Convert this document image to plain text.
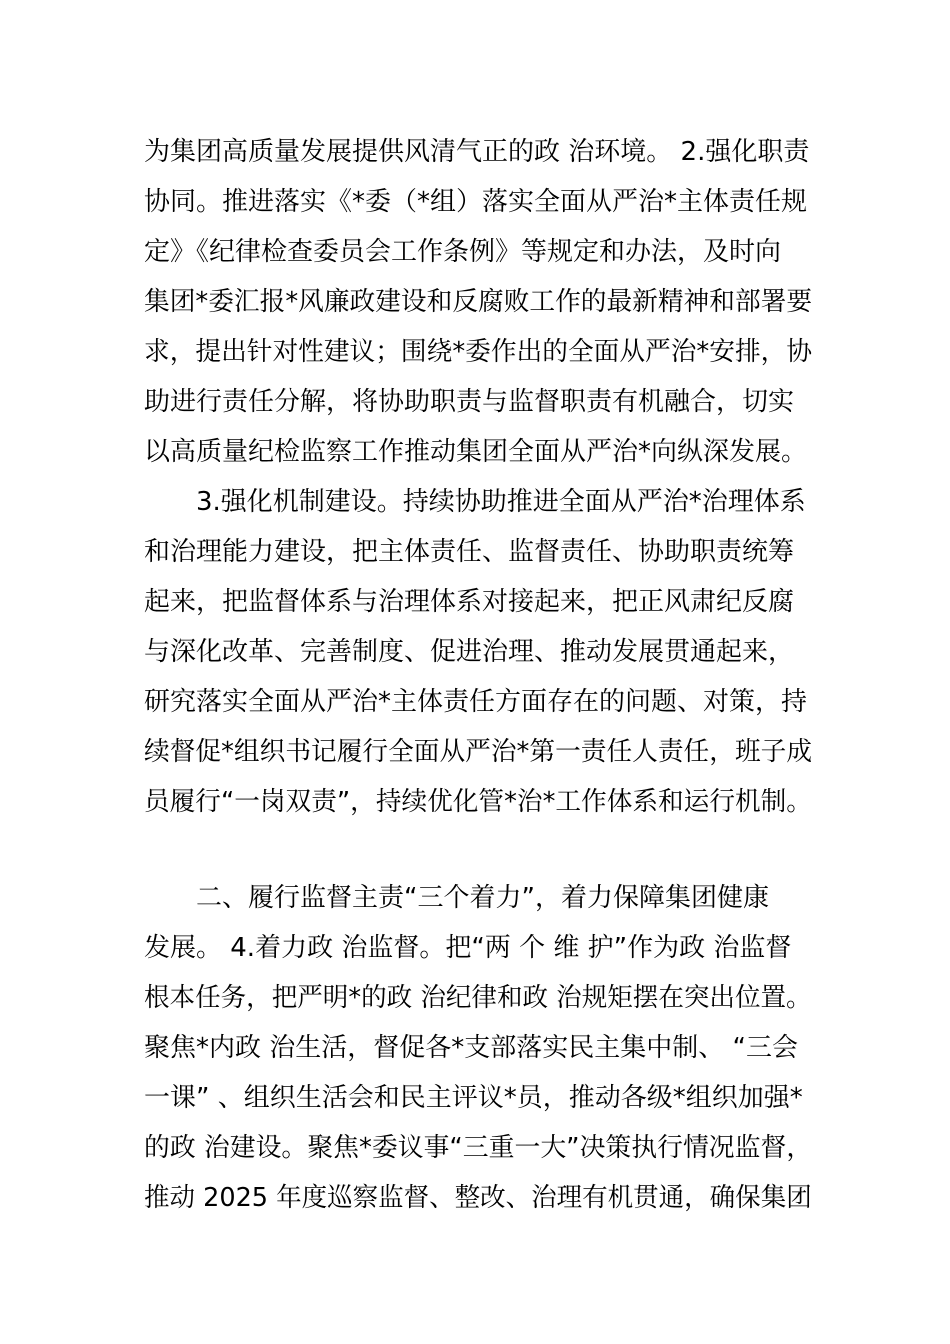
为集团高质量发展提供风清气正的政 治环境。 2.强化职责
协同。推进落实《*委（*组）落实全面从严治*主体责任规
定》《纪律检查委员会工作条例》等规定和办法，及时向
集团*委汇报*风廉政建设和反腐败工作的最新精神和部署要
求，提出针对性建议；围绕*委作出的全面从严治*安排，协
助进行责任分解，将协助职责与监督职责有机融合，切实
以高质量纪检监察工作推动集团全面从严治*向纵深发展。
3.强化机制建设。持续协助推进全面从严治*治理体系
和治理能力建设，把主体责任、监督责任、协助职责统筹
起来，把监督体系与治理体系对接起来，把正风肃纪反腐
与深化改革、完善制度、促进治理、推动发展贯通起来，
研究落实全面从严治*主体责任方面存在的问题、对策，持
续督促*组织书记履行全面从严治*第一责任人责任，班子成
员履行“一岗双责”，持续优化管*治*工作体系和运行机制。
二、履行监督主责“三个着力”，着力保障集团健康
发展。 4.着力政 治监督。把“两 个 维 护”作为政 治监督
根本任务，把严明*的政 治纪律和政 治规矩摆在突出位置。
聚焦*内政 治生活，督促各*支部落实民主集中制、 “三会
一课” 、组织生活会和民主评议*员，推动各级*组织加强*
的政 治建设。聚焦*委议事“三重一大”决策执行情况监督，
推动 2025 年度巡察监督、整改、治理有机贯通，确保集团
